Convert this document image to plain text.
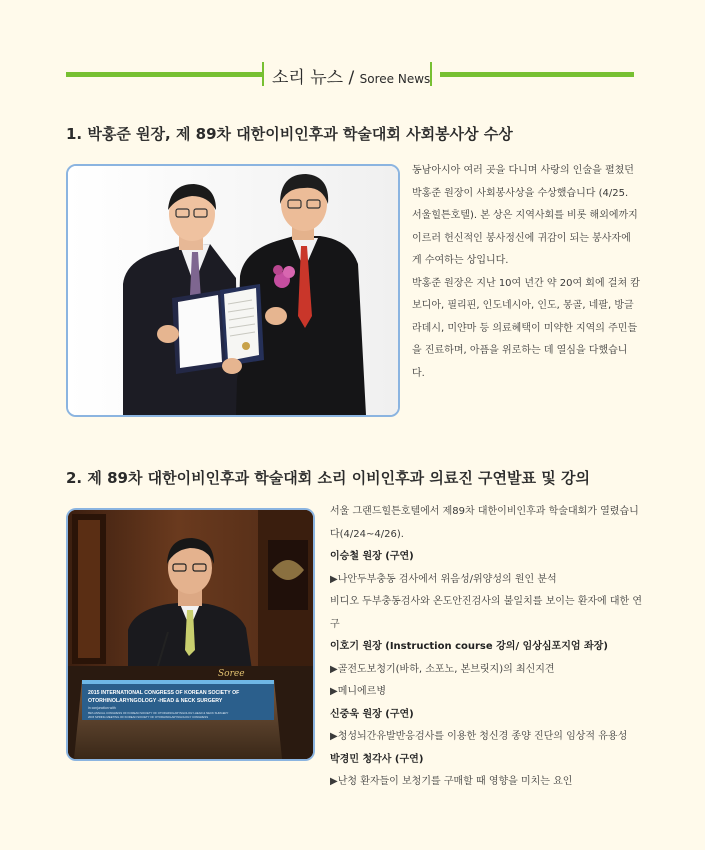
소리 뉴스 / Soree News
1. 박홍준 원장, 제 89차 대한이비인후과 학술대회 사회봉사상 수상

동남아시아 여러 곳을 다니며 사랑의 인술을 펼쳤던 박홍준 원장이 사회봉사상을 수상했습니다 (4/25. 서울힐튼호텔). 본 상은 지역사회를 비롯 해외에까지 이르러 헌신적인 봉사정신에 귀감이 되는 봉사자에게 수여하는 상입니다.

박홍준 원장은 지난 10여 년간 약 20여 회에 걸쳐 캄보디아, 필리핀, 인도네시아, 인도, 몽골, 네팔, 방글라데시, 미얀마 등 의료혜택이 미약한 지역의 주민들을 진료하며, 아픔을 위로하는 데 열심을 다했습니다.

2. 제 89차 대한이비인후과 학술대회 소리 이비인후과 의료진 구연발표 및 강의
Soree
2015 INTERNATIONAL CONGRESS OF KOREAN SOCIETY OF
OTORHINOLARYNGOLOGY -HEAD & NECK SURGERY
in conjunction with
89th ANNUAL CONGRESS OF KOREAN SOCIETY OF OTORHINOLARYNGOLOGY-HEAD & NECK SURGERY
2015 SPRING MEETING OF KOREAN SOCIETY OF OTORHINOLARYNGOLOGY CONGRESS

서울 그랜드힐튼호텔에서 제89차 대한이비인후과 학술대회가 열렸습니다(4/24~4/26).

이승철 원장 (구연)

▶나안두부충동 검사에서 위음성/위양성의 원인 분석

비디오 두부충동검사와 온도안진검사의 불일치를 보이는 환자에 대한 연구

이호기 원장 (Instruction course 강의/ 임상심포지엄 좌장)

▶골전도보청기(바하, 소포노, 본브릿지)의 최신지견

▶메니에르병

신중욱 원장 (구연)

▶청성뇌간유발반응검사를 이용한 청신경 종양 진단의 임상적 유용성

박경민 청각사 (구연)

▶난청 환자들이 보청기를 구매할 때 영향을 미치는 요인
